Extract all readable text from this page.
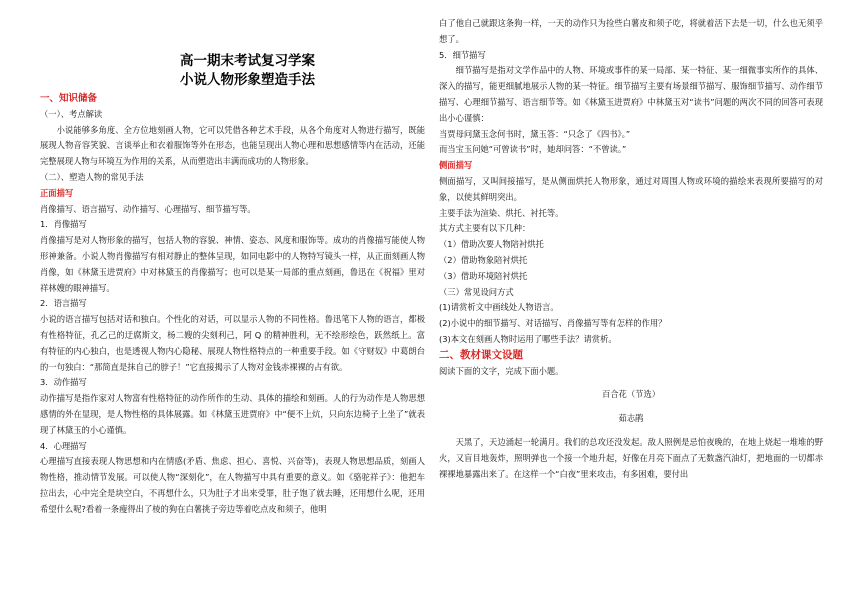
高一期末考试复习学案
小说人物形象塑造手法
一、知识储备

（一）、考点解读

小说能够多角度、全方位地刻画人物，它可以凭借各种艺术手段，从各个角度对人物进行描写，既能展现人物音容笑貌、言谈举止和衣着服饰等外在形态，也能呈现出人物心理和思想感情等内在活动，还能完整展现人物与环境互为作用的关系，从而塑造出丰满而成功的人物形象。

（二）、塑造人物的常见手法

正面描写

肖像描写、语言描写、动作描写、心理描写、细节描写等。

1．肖像描写

肖像描写是对人物形象的描写，包括人物的容貌、神情、姿态、风度和服饰等。成功的肖像描写能使人物形神兼备。小说人物肖像描写有相对静止的整体呈现，如同电影中的人物特写镜头一样，从正面刻画人物肖像，如《林黛玉进贾府》中对林黛玉的肖像描写；也可以是某一局部的重点刻画，鲁迅在《祝福》里对祥林嫂的眼神描写。

2．语言描写

小说的语言描写包括对话和独白。个性化的对话，可以显示人物的不同性格。鲁迅笔下人物的语言，都极有性格特征，孔乙己的迂腐斯文，杨二嫂的尖刻利己，阿 Q 的精神胜利，无不绘形绘色，跃然纸上。富有特征的内心独白，也是透视人物内心隐秘、展现人物性格特点的一种重要手段。如《守财奴》中葛朗台的一句独白：“那简直是抹自己的脖子！”它直接揭示了人物对金钱赤裸裸的占有欲。

3．动作描写

动作描写是指作家对人物富有性格特征的动作所作的生动、具体的描绘和刻画。人的行为动作是人物思想感情的外在显现，是人物性格的具体展露。如《林黛玉进贾府》中“便不上炕，只向东边椅子上坐了”就表现了林黛玉的小心谨慎。

4．心理描写

心理描写直接表现人物思想和内在情感(矛盾、焦虑、担心、喜悦、兴奋等)，表现人物思想品质，刻画人物性格，推动情节发展。可以使人物“深刻化”，在人物描写中具有重要的意义。如《骆驼祥子》：他把车拉出去，心中完全是块空白，不再想什么，只为肚子才出来受罪，肚子饱了就去睡，还用想什么呢，还用希望什么呢?看着一条瘦得出了棱的狗在白薯挑子旁边等着吃点皮和须子，他明

白了他自己就跟这条狗一样，一天的动作只为捡些白薯皮和须子吃，将就着活下去是一切，什么也无须乎想了。

5．细节描写

细节描写是指对文学作品中的人物、环境或事件的某一局部、某一特征、某一细微事实所作的具体、深入的描写，能更细腻地展示人物的某一特征。细节描写主要有场景细节描写、服饰细节描写、动作细节描写、心理细节描写、语言细节等。如《林黛玉进贾府》中林黛玉对“读书”问题的两次不同的回答可表现出小心谨慎：

当贾母问黛玉念何书时，黛玉答：“只念了《四书》。”

而当宝玉问她“可曾读书”时，她却问答：“不曾读。”

侧面描写

侧面描写，又叫间接描写，是从侧面烘托人物形象，通过对周围人物或环境的描绘来表现所要描写的对象，以使其鲜明突出。

主要手法为渲染、烘托、衬托等。

其方式主要有以下几种：

（1）借助次要人物陪衬烘托

（2）借助物象陪衬烘托

（3）借助环境陪衬烘托

（三）常见设问方式

(1)请赏析文中画线处人物语言。

(2)小说中的细节描写、对话描写、肖像描写等有怎样的作用？

(3)本文在刻画人物时运用了哪些手法？请赏析。

二、教材课文设题

阅读下面的文字，完成下面小题。

百合花（节选）

茹志鹃

天黑了，天边涌起一轮满月。我们的总攻还没发起。敌人照例是忌怕夜晚的，在地上烧起一堆堆的野火，又盲目地轰炸，照明弹也一个接一个地升起，好像在月亮下面点了无数盏汽油灯，把地面的一切都赤裸裸地暴露出来了。在这样一个“白夜”里来攻击，有多困难，要付出
